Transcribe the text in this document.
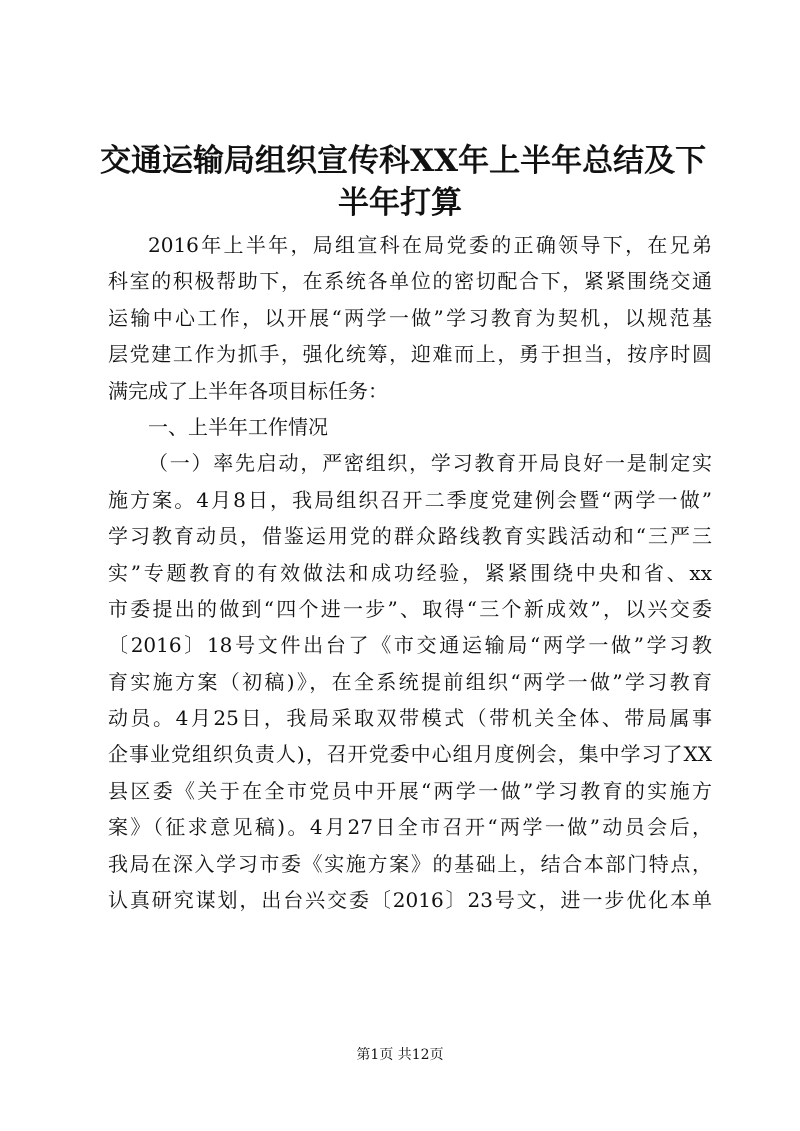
交通运输局组织宣传科XX年上半年总结及下
半年打算
2016年上半年，局组宣科在局党委的正确领导下，在兄弟
科室的积极帮助下，在系统各单位的密切配合下，紧紧围绕交通
运输中心工作，以开展“两学一做”学习教育为契机，以规范基
层党建工作为抓手，强化统筹，迎难而上，勇于担当，按序时圆
满完成了上半年各项目标任务：
一、上半年工作情况
（一）率先启动，严密组织，学习教育开局良好一是制定实
施方案。4月8日，我局组织召开二季度党建例会暨“两学一做”
学习教育动员，借鉴运用党的群众路线教育实践活动和“三严三
实”专题教育的有效做法和成功经验，紧紧围绕中央和省、xx
市委提出的做到“四个进一步”、取得“三个新成效”，以兴交委
〔2016〕18号文件出台了《市交通运输局“两学一做”学习教
育实施方案（初稿)》，在全系统提前组织“两学一做”学习教育
动员。4月25日，我局采取双带模式（带机关全体、带局属事
企事业党组织负责人)，召开党委中心组月度例会，集中学习了XX
县区委《关于在全市党员中开展“两学一做”学习教育的实施方
案》（征求意见稿)。4月27日全市召开“两学一做”动员会后，
我局在深入学习市委《实施方案》的基础上，结合本部门特点，
认真研究谋划，出台兴交委〔2016〕23号文，进一步优化本单
第1页 共12页
